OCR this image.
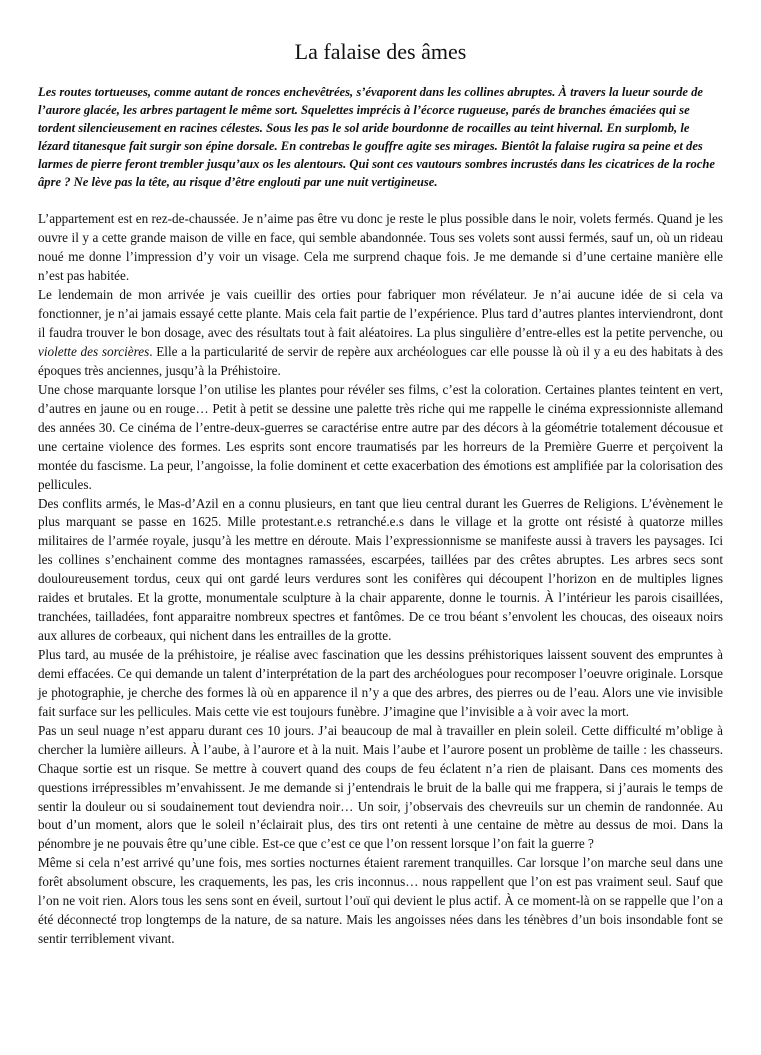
La falaise des âmes

Les routes tortueuses, comme autant de ronces enchevêtrées, s’évaporent dans les collines abruptes. À travers la lueur sourde de l’aurore glacée, les arbres partagent le même sort. Squelettes imprécis à l’écorce rugueuse, parés de branches émaciées qui se tordent silencieusement en racines célestes. Sous les pas le sol aride bourdonne de rocailles au teint hivernal. En surplomb, le lézard titanesque fait surgir son épine dorsale. En contrebas le gouffre agite ses mirages. Bientôt la falaise rugira sa peine et des larmes de pierre feront trembler jusqu’aux os les alentours. Qui sont ces vautours sombres incrustés dans les cicatrices de la roche âpre ? Ne lève pas la tête, au risque d’être englouti par une nuit vertigineuse.

L’appartement est en rez-de-chaussée. Je n’aime pas être vu donc je reste le plus possible dans le noir, volets fermés. Quand je les ouvre il y a cette grande maison de ville en face, qui semble abandonnée. Tous ses volets sont aussi fermés, sauf un, où un rideau noué me donne l’impression d’y voir un visage. Cela me surprend chaque fois. Je me demande si d’une certaine manière elle n’est pas habitée.

Le lendemain de mon arrivée je vais cueillir des orties pour fabriquer mon révélateur. Je n’ai aucune idée de si cela va fonctionner, je n’ai jamais essayé cette plante. Mais cela fait partie de l’expérience. Plus tard d’autres plantes interviendront, dont il faudra trouver le bon dosage, avec des résultats tout à fait aléatoires. La plus singulière d’entre-elles est la petite pervenche, ou violette des sorcières. Elle a la particularité de servir de repère aux archéologues car elle pousse là où il y a eu des habitats à des époques très anciennes, jusqu’à la Préhistoire.

Une chose marquante lorsque l’on utilise les plantes pour révéler ses films, c’est la coloration. Certaines plantes teintent en vert, d’autres en jaune ou en rouge… Petit à petit se dessine une palette très riche qui me rappelle le cinéma expressionniste allemand des années 30. Ce cinéma de l’entre-deux-guerres se caractérise entre autre par des décors à la géométrie totalement décousue et une certaine violence des formes. Les esprits sont encore traumatisés par les horreurs de la Première Guerre et perçoivent la montée du fascisme. La peur, l’angoisse, la folie dominent et cette exacerbation des émotions est amplifiée par la colorisation des pellicules.

Des conflits armés, le Mas-d’Azil en a connu plusieurs, en tant que lieu central durant les Guerres de Religions. L’évènement le plus marquant se passe en 1625. Mille protestant.e.s retranché.e.s dans le village et la grotte ont résisté à quatorze milles militaires de l’armée royale, jusqu’à les mettre en déroute. Mais l’expressionnisme se manifeste aussi à travers les paysages. Ici les collines s’enchainent comme des montagnes ramassées, escarpées, taillées par des crêtes abruptes. Les arbres secs sont douloureusement tordus, ceux qui ont gardé leurs verdures sont les conifères qui découpent l’horizon en de multiples lignes raides et brutales. Et la grotte, monumentale sculpture à la chair apparente, donne le tournis. À l’intérieur les parois cisaillées, tranchées, tailladées, font apparaitre nombreux spectres et fantômes. De ce trou béant s’envolent les choucas, des oiseaux noirs aux allures de corbeaux, qui nichent dans les entrailles de la grotte.

Plus tard, au musée de la préhistoire, je réalise avec fascination que les dessins préhistoriques laissent souvent des empruntes à demi effacées. Ce qui demande un talent d’interprétation de la part des archéologues pour recomposer l’oeuvre originale. Lorsque je photographie, je cherche des formes là où en apparence il n’y a que des arbres, des pierres ou de l’eau. Alors une vie invisible fait surface sur les pellicules. Mais cette vie est toujours funèbre. J’imagine que l’invisible a à voir avec la mort.

Pas un seul nuage n’est apparu durant ces 10 jours. J’ai beaucoup de mal à travailler en plein soleil. Cette difficulté m’oblige à chercher la lumière ailleurs. À l’aube, à l’aurore et à la nuit. Mais l’aube et l’aurore posent un problème de taille : les chasseurs. Chaque sortie est un risque. Se mettre à couvert quand des coups de feu éclatent n’a rien de plaisant. Dans ces moments des questions irrépressibles m’envahissent. Je me demande si j’entendrais le bruit de la balle qui me frappera, si j’aurais le temps de sentir la douleur ou si soudainement tout deviendra noir… Un soir, j’observais des chevreuils sur un chemin de randonnée. Au bout d’un moment, alors que le soleil n’éclairait plus, des tirs ont retenti à une centaine de mètre au dessus de moi. Dans la pénombre je ne pouvais être qu’une cible. Est-ce que c’est ce que l’on ressent lorsque l’on fait la guerre ?

Même si cela n’est arrivé qu’une fois, mes sorties nocturnes étaient rarement tranquilles. Car lorsque l’on marche seul dans une forêt absolument obscure, les craquements, les pas, les cris inconnus… nous rappellent que l’on est pas vraiment seul. Sauf que l’on ne voit rien. Alors tous les sens sont en éveil, surtout l’ouï qui devient le plus actif. À ce moment-là on se rappelle que l’on a été déconnecté trop longtemps de la nature, de sa nature. Mais les angoisses nées dans les ténèbres d’un bois insondable font se sentir terriblement vivant.
